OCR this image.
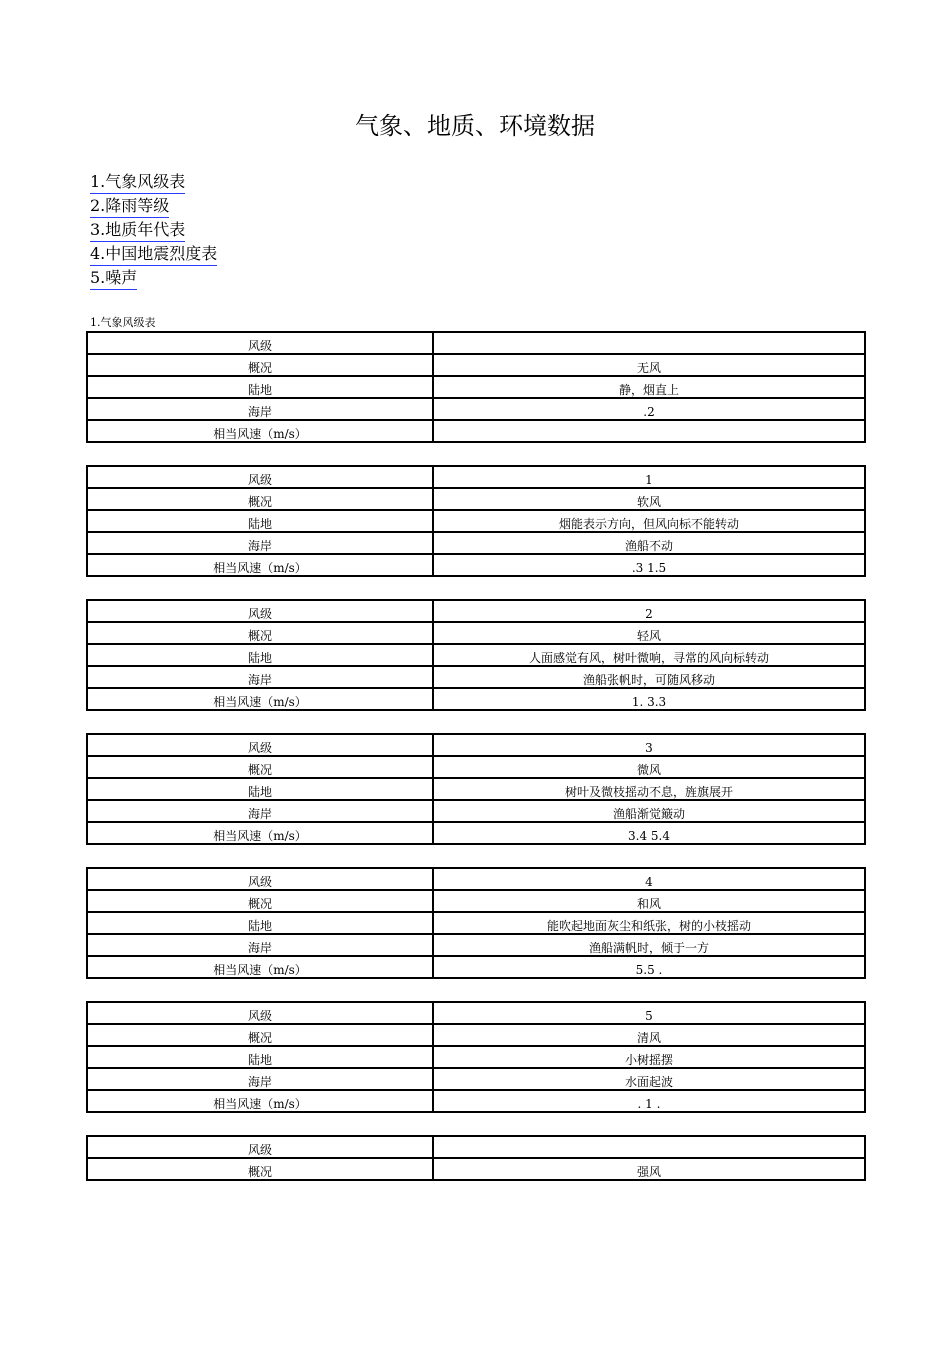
气象、地质、环境数据
1.气象风级表
2.降雨等级
3.地质年代表
4.中国地震烈度表
5.噪声
1.气象风级表
风级	
概况	无风
陆地	静，烟直上
海岸	.2
相当风速（m/s）	
风级	1
概况	软风
陆地	烟能表示方向，但风向标不能转动
海岸	渔船不动
相当风速（m/s）	.3 1.5
风级	2
概况	轻风
陆地	人面感觉有风，树叶微响，寻常的风向标转动
海岸	渔船张帆时，可随风移动
相当风速（m/s）	1. 3.3
风级	3
概况	微风
陆地	树叶及微枝摇动不息，旌旗展开
海岸	渔船渐觉簸动
相当风速（m/s）	3.4 5.4
风级	4
概况	和风
陆地	能吹起地面灰尘和纸张，树的小枝摇动
海岸	渔船满帆时，倾于一方
相当风速（m/s）	5.5 .
风级	5
概况	清风
陆地	小树摇摆
海岸	水面起波
相当风速（m/s）	. 1 .
风级	
概况	强风
